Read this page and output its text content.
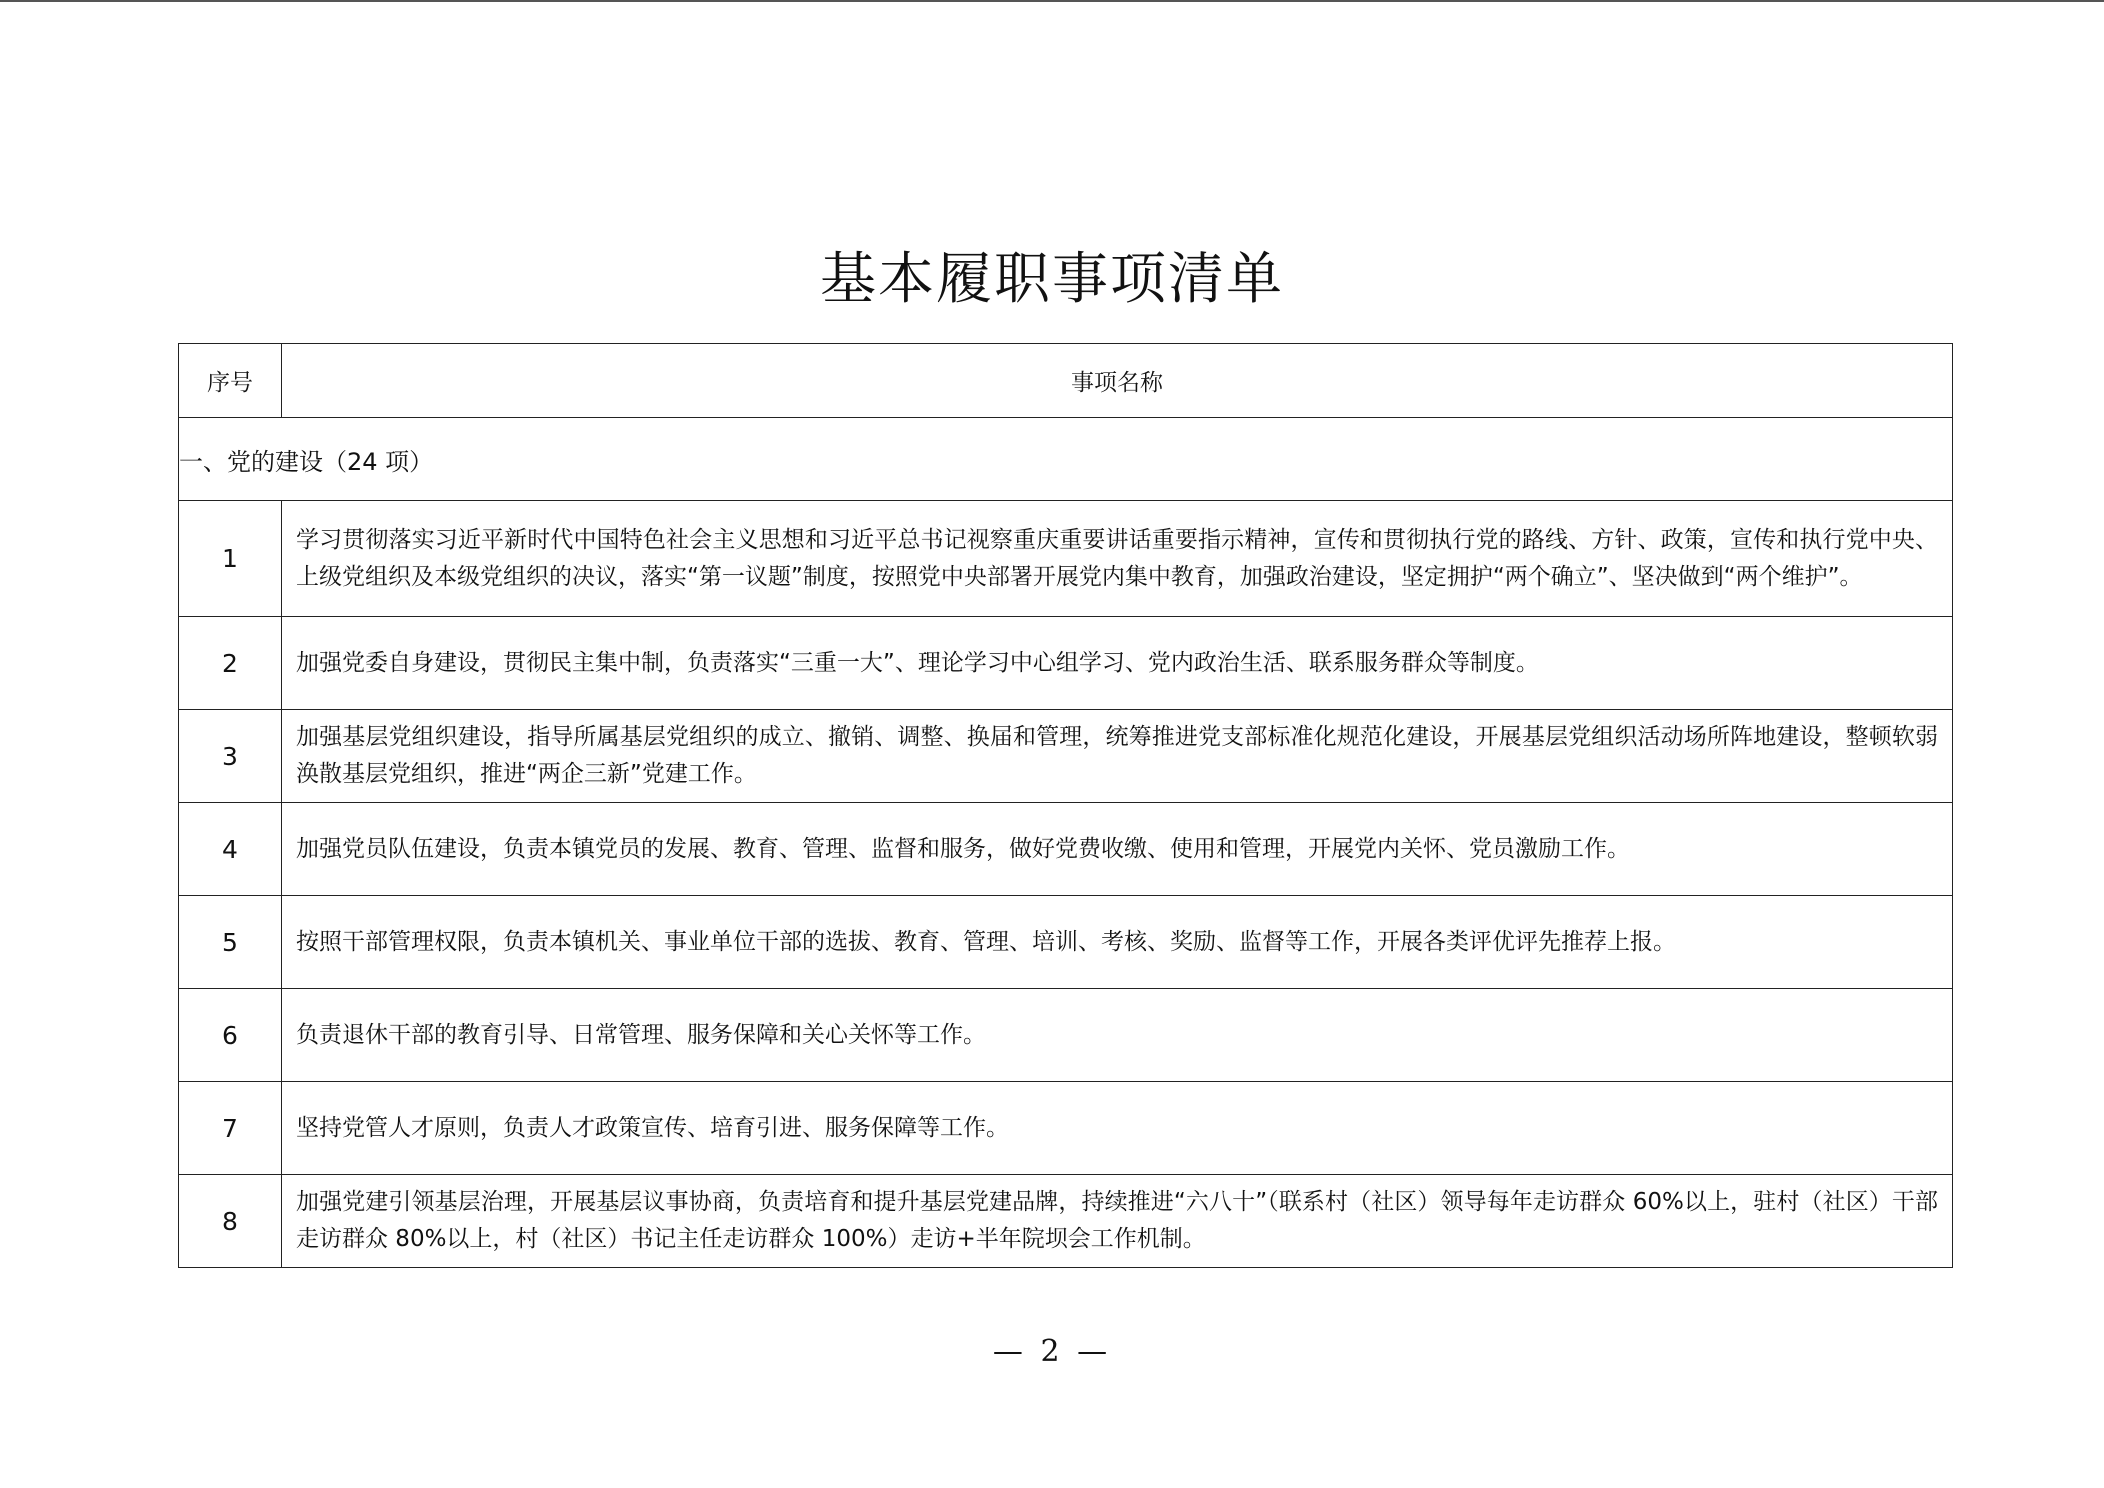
基本履职事项清单
序号	事项名称
一、党的建设（24 项）	
1	学习贯彻落实习近平新时代中国特色社会主义思想和习近平总书记视察重庆重要讲话重要指示精神，宣传和贯彻执行党的路线、方针、政策，宣传和执行党中央、上级党组织及本级党组织的决议，落实“第一议题”制度，按照党中央部署开展党内集中教育，加强政治建设，坚定拥护“两个确立”、坚决做到“两个维护”。
2	加强党委自身建设，贯彻民主集中制，负责落实“三重一大”、理论学习中心组学习、党内政治生活、联系服务群众等制度。
3	加强基层党组织建设，指导所属基层党组织的成立、撤销、调整、换届和管理，统筹推进党支部标准化规范化建设，开展基层党组织活动场所阵地建设，整顿软弱涣散基层党组织，推进“两企三新”党建工作。
4	加强党员队伍建设，负责本镇党员的发展、教育、管理、监督和服务，做好党费收缴、使用和管理，开展党内关怀、党员激励工作。
5	按照干部管理权限，负责本镇机关、事业单位干部的选拔、教育、管理、培训、考核、奖励、监督等工作，开展各类评优评先推荐上报。
6	负责退休干部的教育引导、日常管理、服务保障和关心关怀等工作。
7	坚持党管人才原则，负责人才政策宣传、培育引进、服务保障等工作。
8	加强党建引领基层治理，开展基层议事协商，负责培育和提升基层党建品牌，持续推进“六八十”（联系村（社区）领导每年走访群众 60%以上，驻村（社区）干部走访群众 80%以上，村（社区）书记主任走访群众 100%）走访+半年院坝会工作机制。
— 2 —
